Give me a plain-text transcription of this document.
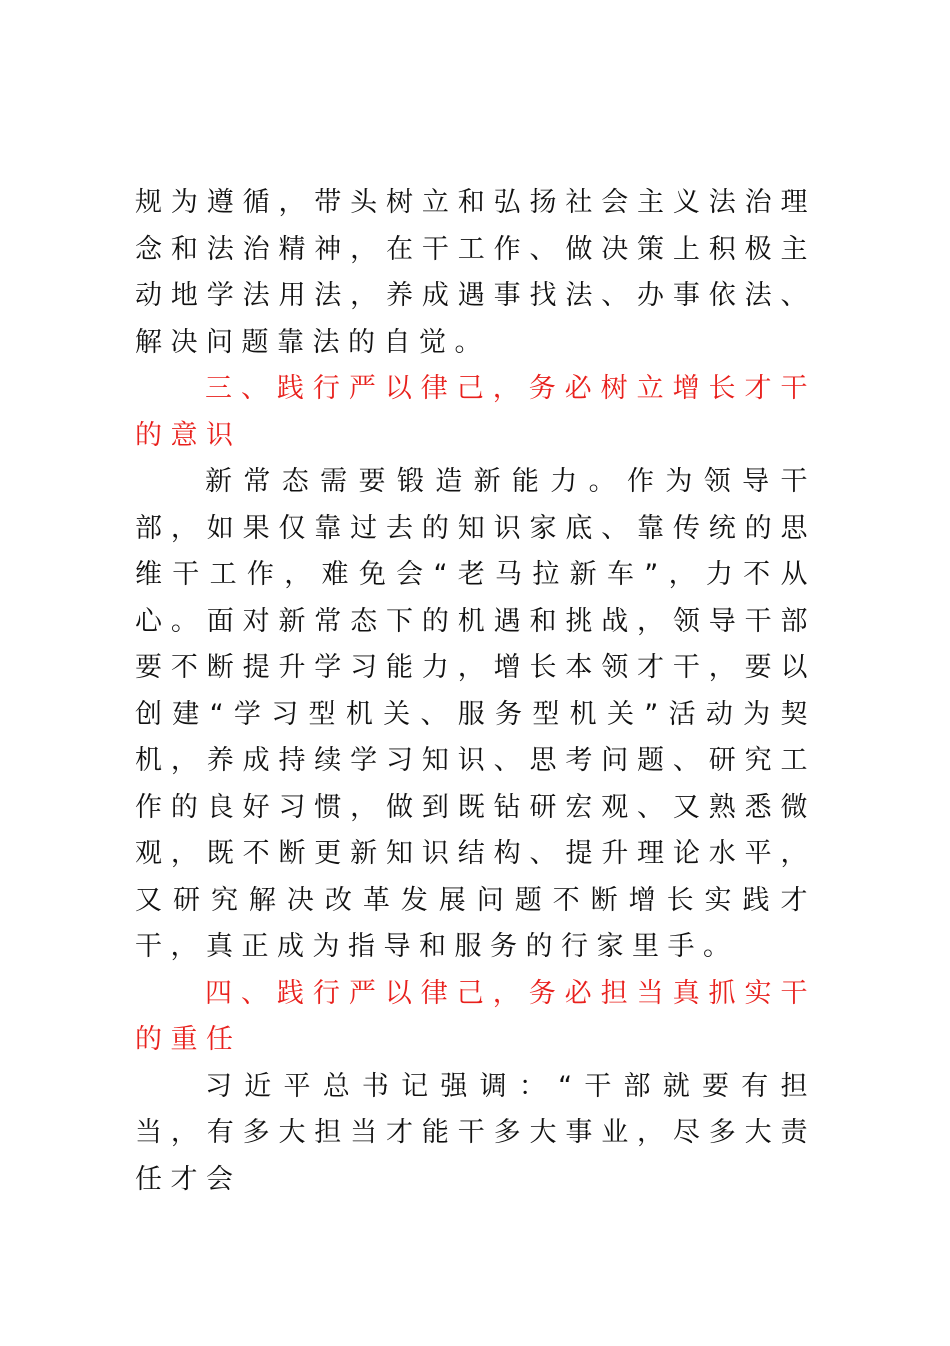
规为遵循，带头树立和弘扬社会主义法治理念和法治精神，在干工作、做决策上积极主动地学法用法，养成遇事找法、办事依法、解决问题靠法的自觉。

三、践行严以律己，务必树立增长才干的意识

新常态需要锻造新能力。作为领导干部，如果仅靠过去的知识家底、靠传统的思维干工作，难免会“老马拉新车”，力不从心。面对新常态下的机遇和挑战，领导干部要不断提升学习能力，增长本领才干，要以创建“学习型机关、服务型机关”活动为契机，养成持续学习知识、思考问题、研究工作的良好习惯，做到既钻研宏观、又熟悉微观，既不断更新知识结构、提升理论水平，又研究解决改革发展问题不断增长实践才干，真正成为指导和服务的行家里手。

四、践行严以律己，务必担当真抓实干的重任

习近平总书记强调：“干部就要有担当，有多大担当才能干多大事业，尽多大责任才会
